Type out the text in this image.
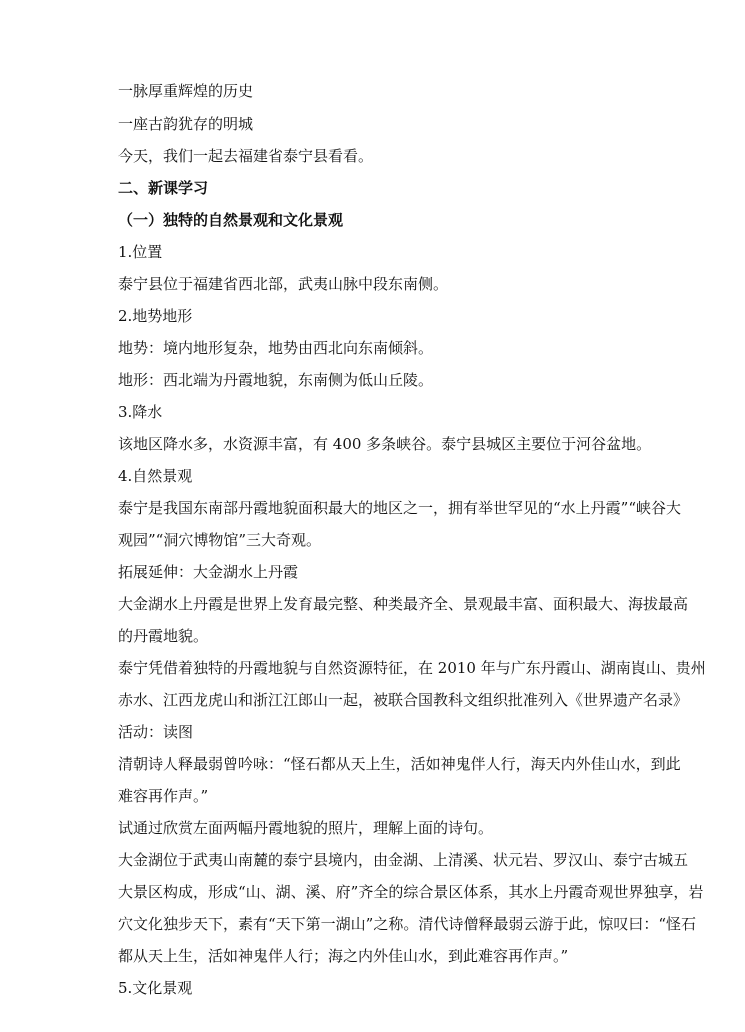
一脉厚重辉煌的历史
一座古韵犹存的明城
今天，我们一起去福建省泰宁县看看。
二、新课学习
（一）独特的自然景观和文化景观
1.位置
泰宁县位于福建省西北部，武夷山脉中段东南侧。
2.地势地形
地势：境内地形复杂，地势由西北向东南倾斜。
地形：西北端为丹霞地貌，东南侧为低山丘陵。
3.降水
该地区降水多，水资源丰富，有 400 多条峡谷。泰宁县城区主要位于河谷盆地。
4.自然景观
泰宁是我国东南部丹霞地貌面积最大的地区之一，拥有举世罕见的“水上丹霞”“峡谷大
观园”“洞穴博物馆”三大奇观。
拓展延伸：大金湖水上丹霞
大金湖水上丹霞是世界上发育最完整、种类最齐全、景观最丰富、面积最大、海拔最高
的丹霞地貌。
泰宁凭借着独特的丹霞地貌与自然资源特征，在 2010 年与广东丹霞山、湖南崀山、贵州
赤水、江西龙虎山和浙江江郎山一起，被联合国教科文组织批准列入《世界遗产名录》
活动：读图
清朝诗人释最弱曾吟咏：“怪石都从天上生，活如神鬼伴人行，海天内外佳山水，到此
难容再作声。”
试通过欣赏左面两幅丹霞地貌的照片，理解上面的诗句。
大金湖位于武夷山南麓的泰宁县境内，由金湖、上清溪、状元岩、罗汉山、泰宁古城五
大景区构成，形成“山、湖、溪、府”齐全的综合景区体系，其水上丹霞奇观世界独享，岩
穴文化独步天下，素有“天下第一湖山”之称。清代诗僧释最弱云游于此，惊叹曰：“怪石
都从天上生，活如神鬼伴人行；海之内外佳山水，到此难容再作声。”
5.文化景观
